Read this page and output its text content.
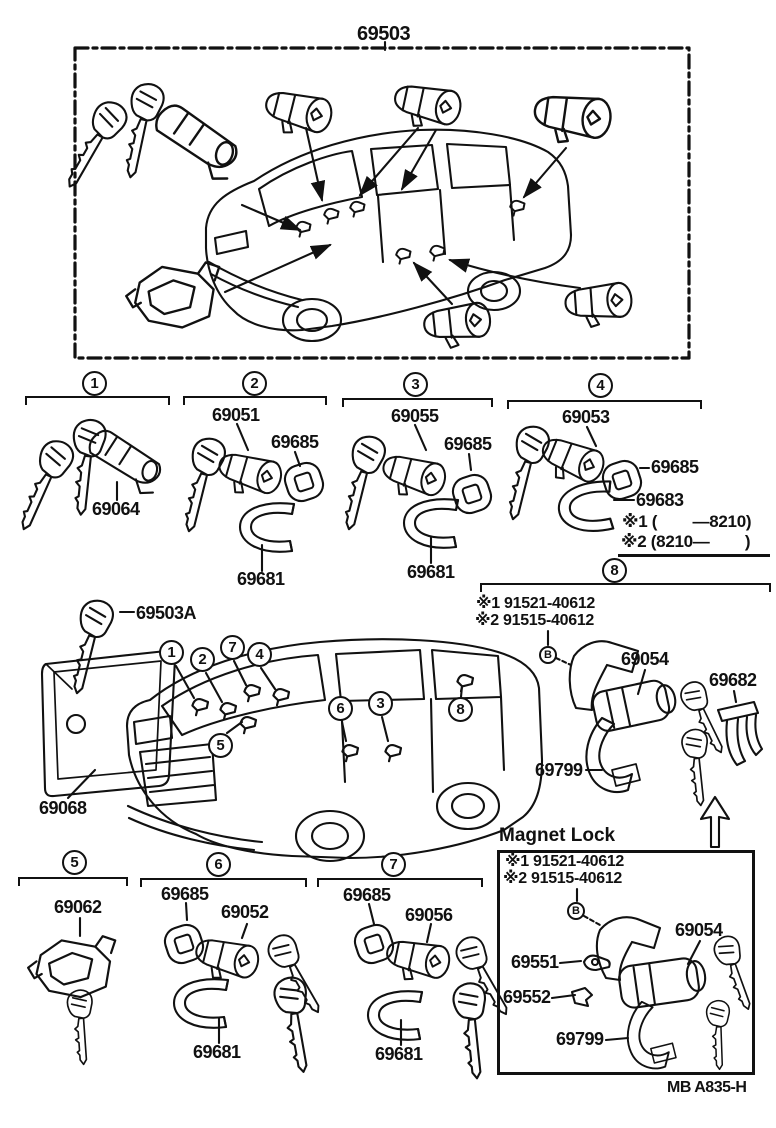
69503
1	2	3	4
69064
69051
69685
69681
69055
69685
69681
69053
69685
69683
※1 (        —8210)
※2 (8210—        )
8
※1 91521-40612
※2 91515-40612
B	69054
69682
69799
69503A
69068
1 2
7 4
5
6 3	8
5	6	7
69062
69685
69052
69681
69685
69056
69681
Magnet Lock
※1 91521-40612
※2 91515-40612
B
69054
69551
69552
69799
MB A835-H
